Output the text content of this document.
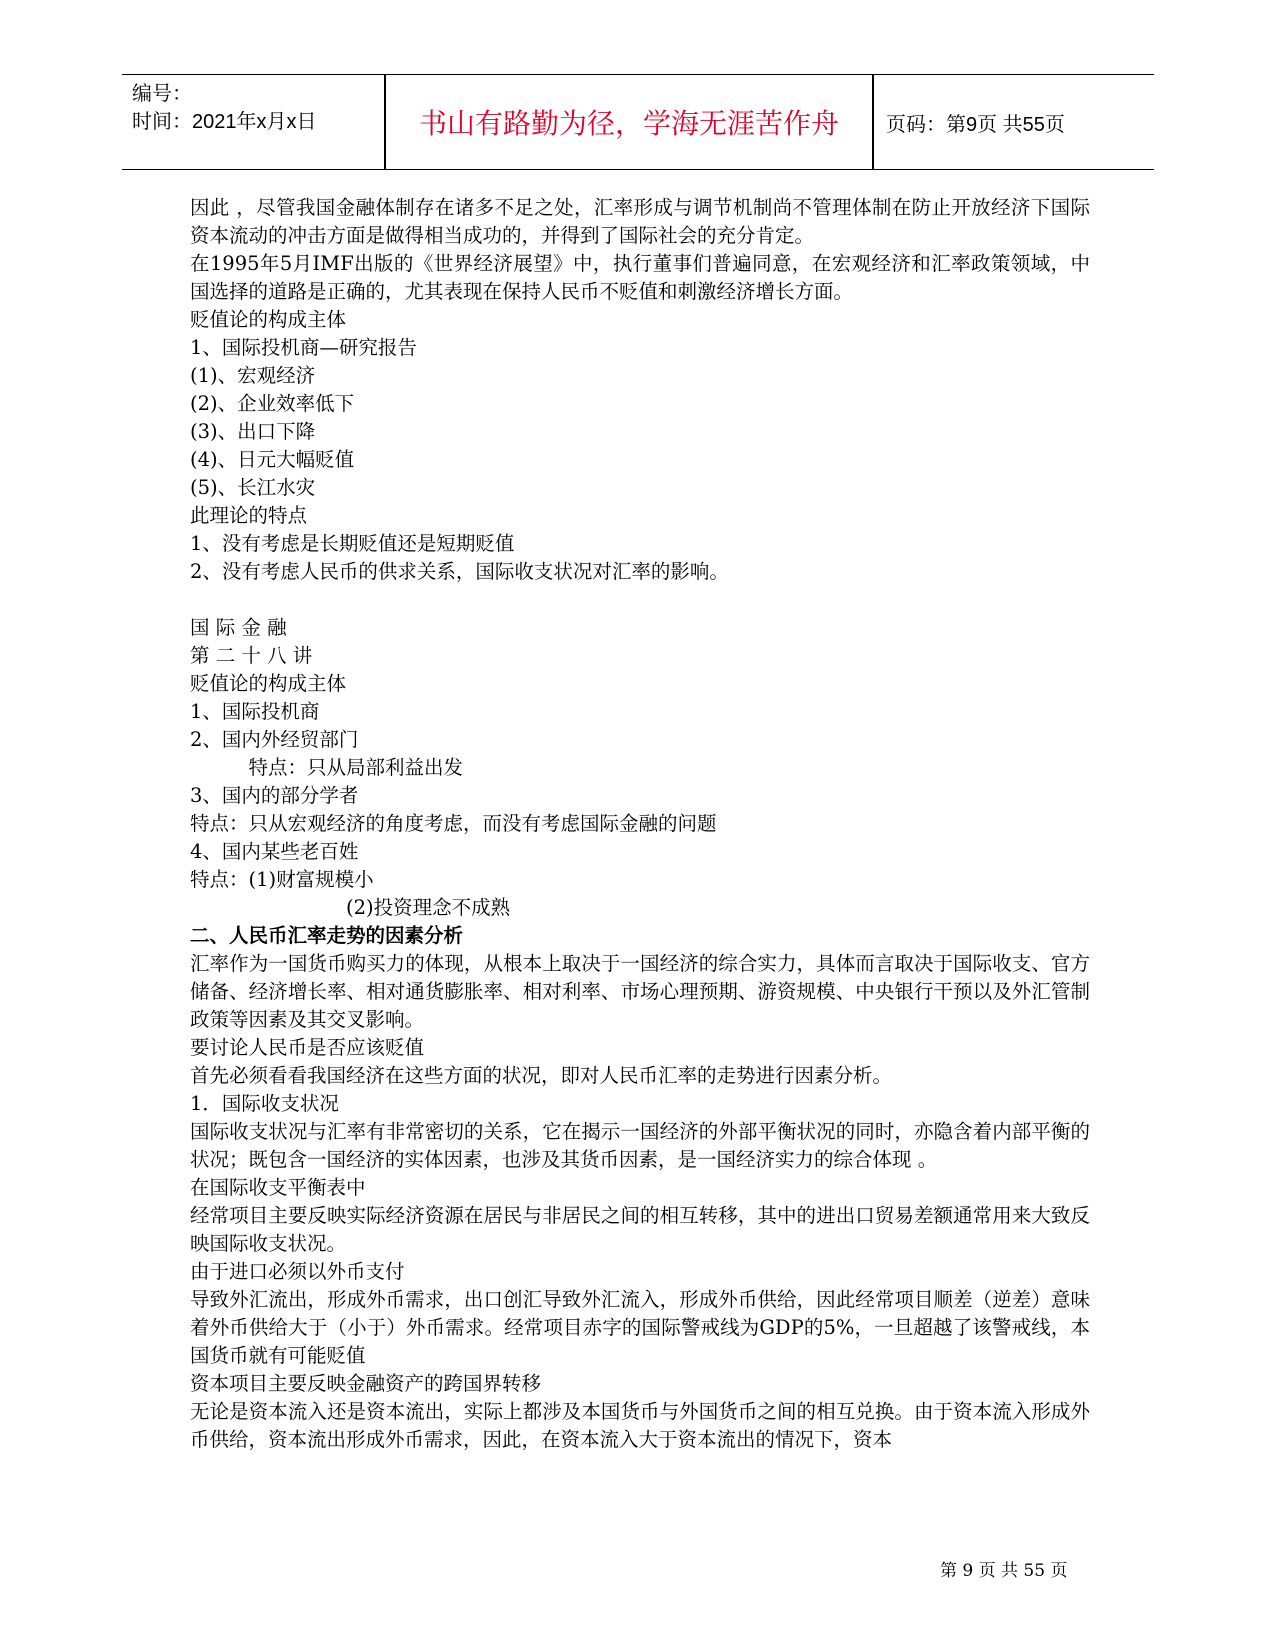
编号：
时间：2021年x月x日	书山有路勤为径，学海无涯苦作舟	页码：第9页 共55页

因此 ，尽管我国金融体制存在诸多不足之处，汇率形成与调节机制尚不管理体制在防止开放经济下国际资本流动的冲击方面是做得相当成功的，并得到了国际社会的充分肯定。

在1995年5月IMF出版的《世界经济展望》中，执行董事们普遍同意，在宏观经济和汇率政策领域，中国选择的道路是正确的，尤其表现在保持人民币不贬值和刺激经济增长方面。

贬值论的构成主体

1、国际投机商—研究报告

(1)、宏观经济

(2)、企业效率低下

(3)、出口下降

(4)、日元大幅贬值

(5)、长江水灾

此理论的特点

1、没有考虑是长期贬值还是短期贬值

2、没有考虑人民币的供求关系，国际收支状况对汇率的影响。

国 际 金 融

第 二 十 八 讲

贬值论的构成主体

1、国际投机商

2、国内外经贸部门

　　　特点：只从局部利益出发

3、国内的部分学者

特点：只从宏观经济的角度考虑，而没有考虑国际金融的问题

4、国内某些老百姓

特点：(1)财富规模小

　　　　　　　　(2)投资理念不成熟

二、人民币汇率走势的因素分析

汇率作为一国货币购买力的体现，从根本上取决于一国经济的综合实力，具体而言取决于国际收支、官方储备、经济增长率、相对通货膨胀率、相对利率、市场心理预期、游资规模、中央银行干预以及外汇管制政策等因素及其交叉影响。

要讨论人民币是否应该贬值

首先必须看看我国经济在这些方面的状况，即对人民币汇率的走势进行因素分析。

1．国际收支状况

国际收支状况与汇率有非常密切的关系，它在揭示一国经济的外部平衡状况的同时，亦隐含着内部平衡的状况；既包含一国经济的实体因素，也涉及其货币因素，是一国经济实力的综合体现 。

在国际收支平衡表中

经常项目主要反映实际经济资源在居民与非居民之间的相互转移，其中的进出口贸易差额通常用来大致反映国际收支状况。

由于进口必须以外币支付

导致外汇流出，形成外币需求，出口创汇导致外汇流入，形成外币供给，因此经常项目顺差（逆差）意味着外币供给大于（小于）外币需求。经常项目赤字的国际警戒线为GDP的5%，一旦超越了该警戒线，本国货币就有可能贬值

资本项目主要反映金融资产的跨国界转移

无论是资本流入还是资本流出，实际上都涉及本国货币与外国货币之间的相互兑换。由于资本流入形成外币供给，资本流出形成外币需求，因此，在资本流入大于资本流出的情况下，资本

第 9 页 共 55 页
